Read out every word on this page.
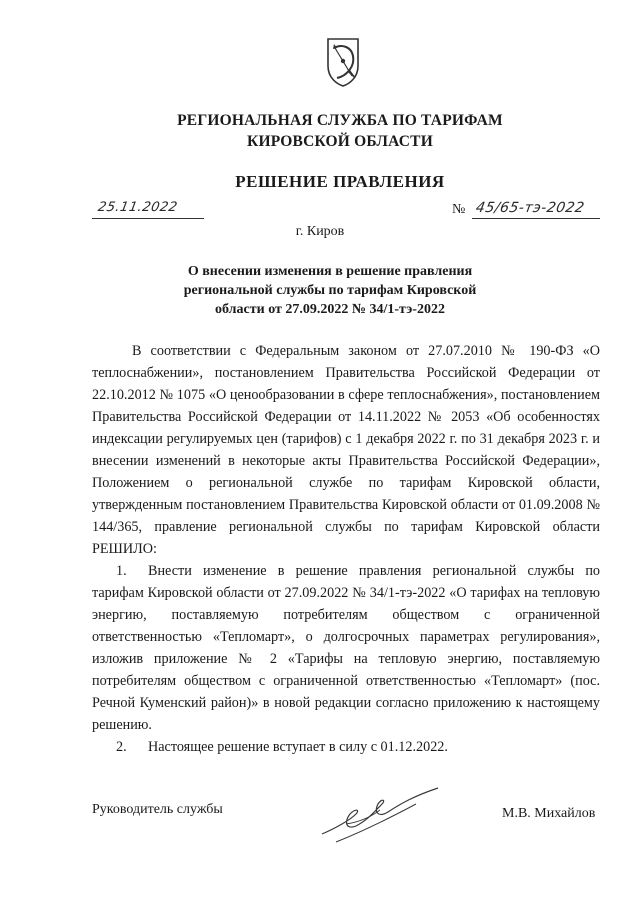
РЕГИОНАЛЬНАЯ СЛУЖБА ПО ТАРИФАМ
КИРОВСКОЙ ОБЛАСТИ
РЕШЕНИЕ ПРАВЛЕНИЯ
25.11.2022	№ 45/65-тэ-2022
г. Киров
О внесении изменения в решение правления
региональной службы по тарифам Кировской
области от 27.09.2022 № 34/1-тэ-2022

В соответствии с Федеральным законом от 27.07.2010 № 190-ФЗ «О теплоснабжении», постановлением Правительства Российской Федерации от 22.10.2012 № 1075 «О ценообразовании в сфере теплоснабжения», постановлением Правительства Российской Федерации от 14.11.2022 № 2053 «Об особенностях индексации регулируемых цен (тарифов) с 1 декабря 2022 г. по 31 декабря 2023 г. и внесении изменений в некоторые акты Правительства Российской Федерации», Положением о региональной службе по тарифам Кировской области, утвержденным постановлением Правительства Кировской области от 01.09.2008 № 144/365, правление региональной службы по тарифам Кировской области РЕШИЛО:

1. Внести изменение в решение правления региональной службы по тарифам Кировской области от 27.09.2022 № 34/1-тэ-2022 «О тарифах на тепловую энергию, поставляемую потребителям обществом с ограниченной ответственностью «Тепломарт», о долгосрочных параметрах регулирования», изложив приложение № 2 «Тарифы на тепловую энергию, поставляемую потребителям обществом с ограниченной ответственностью «Тепломарт» (пос. Речной Куменский район)» в новой редакции согласно приложению к настоящему решению.
2. Настоящее решение вступает в силу с 01.12.2022.
Руководитель службы	М.В. Михайлов
